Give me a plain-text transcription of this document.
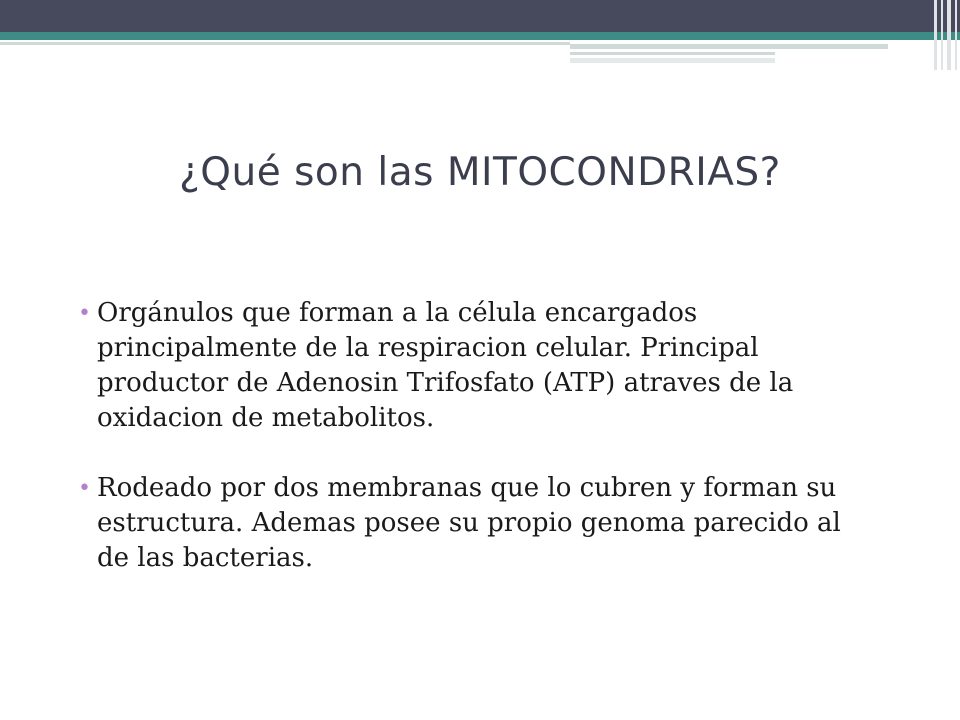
¿Qué son las MITOCONDRIAS?
• Orgánulos que forman a la célula encargados principalmente de la respiracion celular. Principal productor de Adenosin Trifosfato (ATP) atraves de la oxidacion de metabolitos.
• Rodeado por dos membranas que lo cubren y forman su estructura. Ademas posee su propio genoma parecido al de las bacterias.
